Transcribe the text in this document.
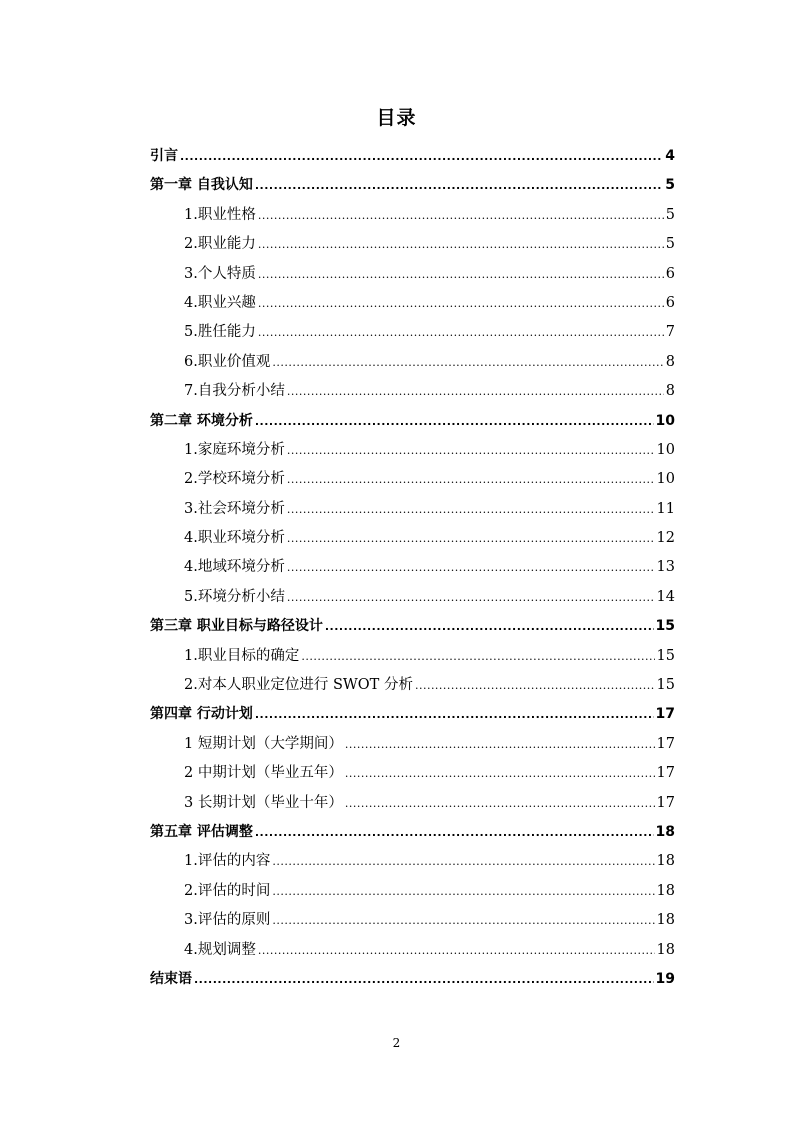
目录
引言 .....	4
第一章 自我认知 .....	5
1.职业性格 .....	5
2.职业能力 .....	5
3.个人特质 .....	6
4.职业兴趣 .....	6
5.胜任能力 .....	7
6.职业价值观 .....	8
7.自我分析小结 .....	8
第二章 环境分析 .....	10
1.家庭环境分析 .....	10
2.学校环境分析 .....	10
3.社会环境分析 .....	11
4.职业环境分析 .....	12
4.地域环境分析 .....	13
5.环境分析小结 .....	14
第三章 职业目标与路径设计 .....	15
1.职业目标的确定 .....	15
2.对本人职业定位进行 SWOT 分析 .....	15
第四章 行动计划 .....	17
1 短期计划（大学期间） .....	17
2 中期计划（毕业五年） .....	17
3 长期计划（毕业十年） .....	17
第五章 评估调整 .....	18
1.评估的内容 .....	18
2.评估的时间 .....	18
3.评估的原则 .....	18
4.规划调整 .....	18
结束语 .....	19
2
